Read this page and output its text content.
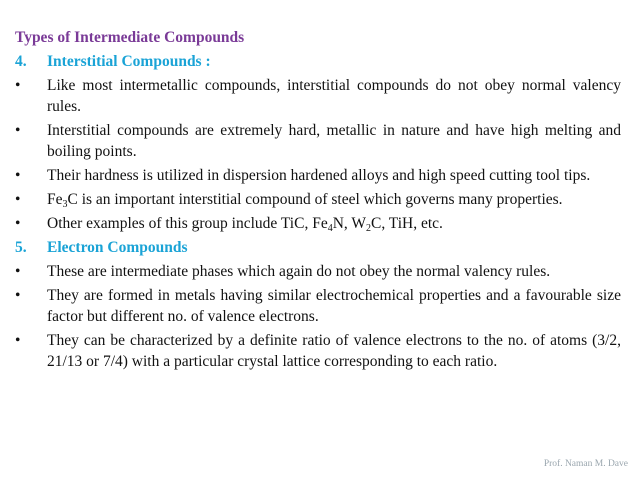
Types of Intermediate Compounds
4.	Interstitial Compounds :
•	Like most intermetallic compounds, interstitial compounds do not obey normal valency rules.
•	Interstitial compounds are extremely hard, metallic in nature and have high melting and boiling points.
•	Their hardness is utilized in dispersion hardened alloys and high speed cutting tool tips.
•	$Fe_3C$ is an important interstitial compound of steel which governs many properties.
•	Other examples of this group include TiC, $Fe_4N$, $W_2C$, TiH, etc.
5.	Electron Compounds
•	These are intermediate phases which again do not obey the normal valency rules.
•	They are formed in metals having similar electrochemical properties and a favourable size factor but different no. of valence electrons.
•	They can be characterized by a definite ratio of valence electrons to the no. of atoms (3/2, 21/13 or 7/4) with a particular crystal lattice corresponding to each ratio.
Prof. Naman M. Dave
